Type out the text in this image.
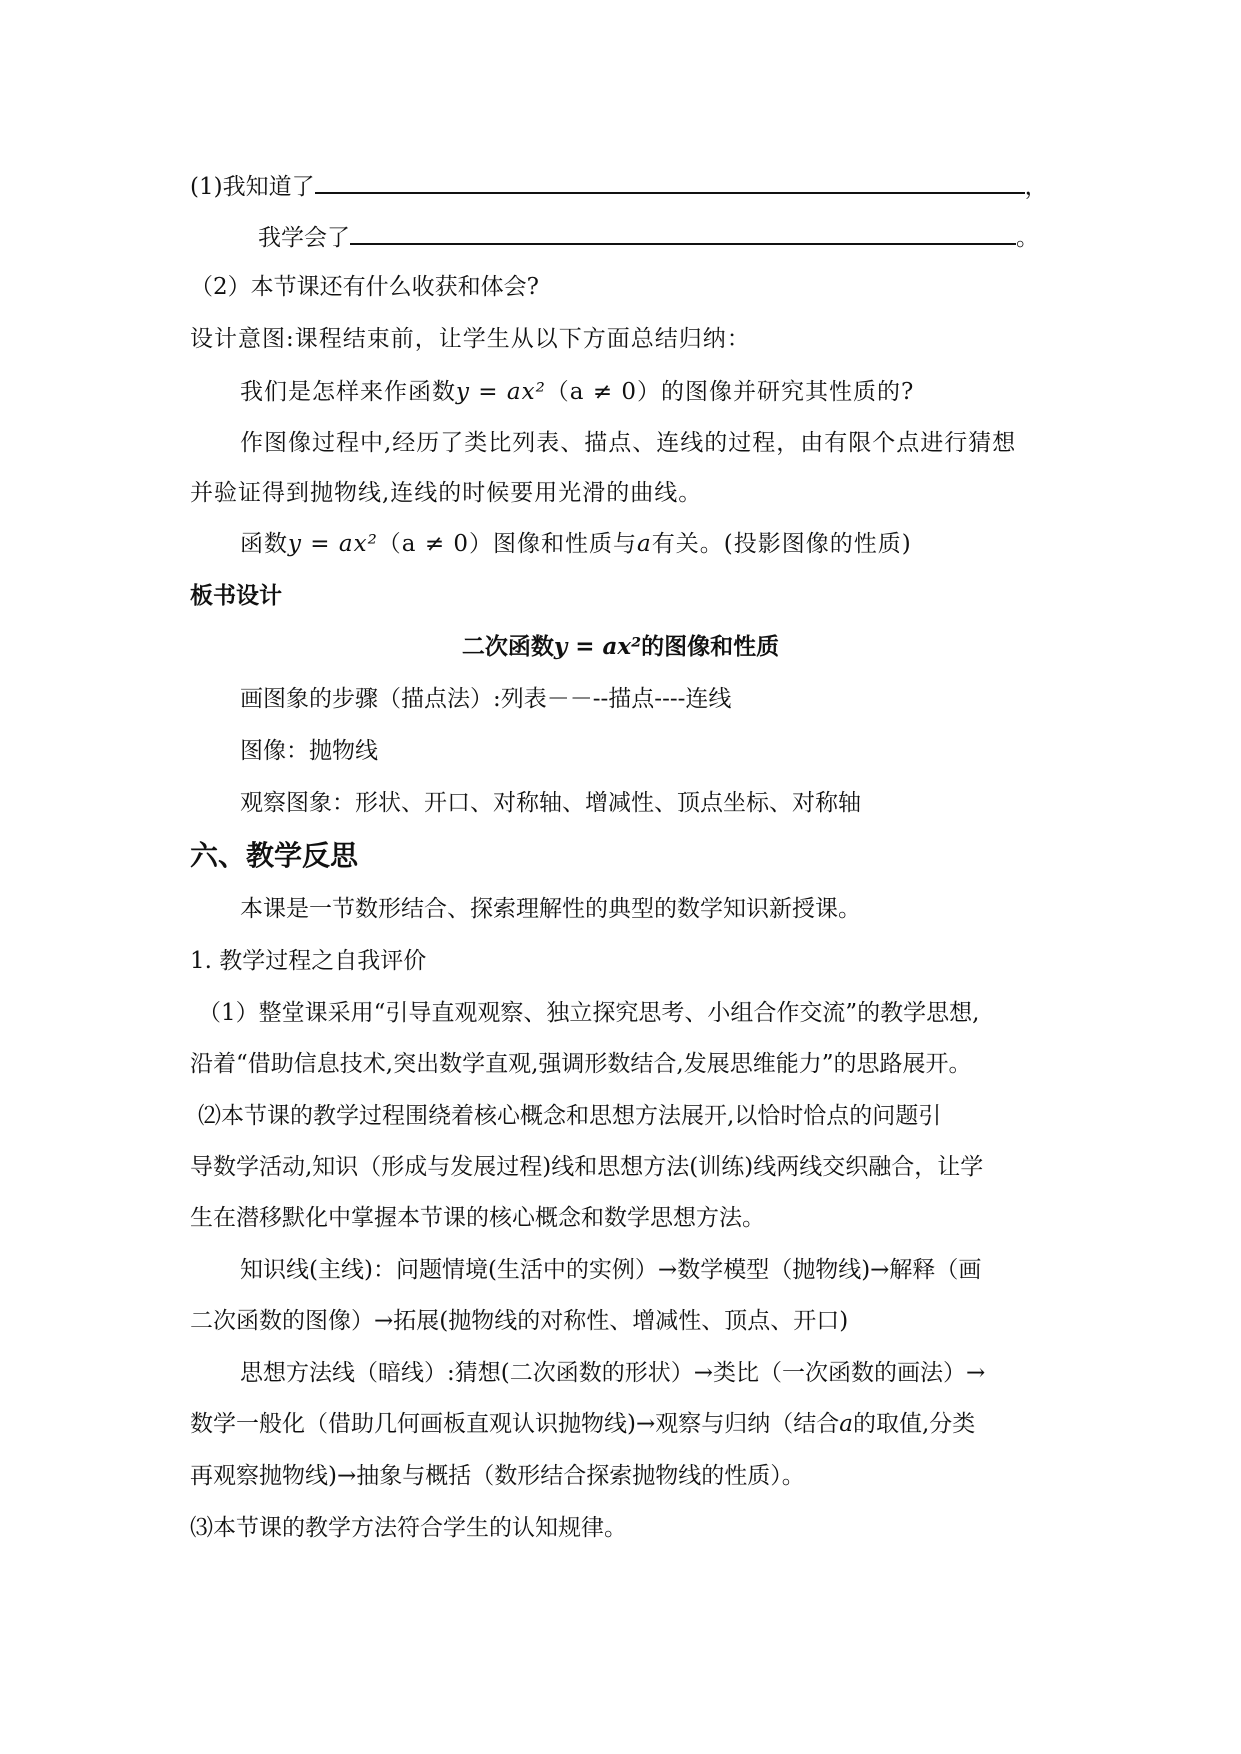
(1)我知道了	，
我学会了	。
（2）本节课还有什么收获和体会?
设计意图:课程结束前，让学生从以下方面总结归纳：
我们是怎样来作函数y = ax²（a ≠ 0）的图像并研究其性质的?
作图像过程中,经历了类比列表、描点、连线的过程，由有限个点进行猜想
并验证得到抛物线,连线的时候要用光滑的曲线。
函数y = ax²（a ≠ 0）图像和性质与a有关。(投影图像的性质)
板书设计
二次函数y = ax²的图像和性质
画图象的步骤（描点法）:列表－－--描点----连线
图像：抛物线
观察图象：形状、开口、对称轴、增减性、顶点坐标、对称轴
六、教学反思
本课是一节数形结合、探索理解性的典型的数学知识新授课。
1. 教学过程之自我评价
（1）整堂课采用“引导直观观察、独立探究思考、小组合作交流”的教学思想,
沿着“借助信息技术,突出数学直观,强调形数结合,发展思维能力”的思路展开。
⑵本节课的教学过程围绕着核心概念和思想方法展开,以恰时恰点的问题引
导数学活动,知识（形成与发展过程)线和思想方法(训练)线两线交织融合，让学
生在潜移默化中掌握本节课的核心概念和数学思想方法。
知识线(主线)：问题情境(生活中的实例）→数学模型（抛物线)→解释（画
二次函数的图像）→拓展(抛物线的对称性、增减性、顶点、开口)
思想方法线（暗线）:猜想(二次函数的形状）→类比（一次函数的画法）→
数学一般化（借助几何画板直观认识抛物线)→观察与归纳（结合a的取值,分类
再观察抛物线)→抽象与概括（数形结合探索抛物线的性质）。
⑶本节课的教学方法符合学生的认知规律。
